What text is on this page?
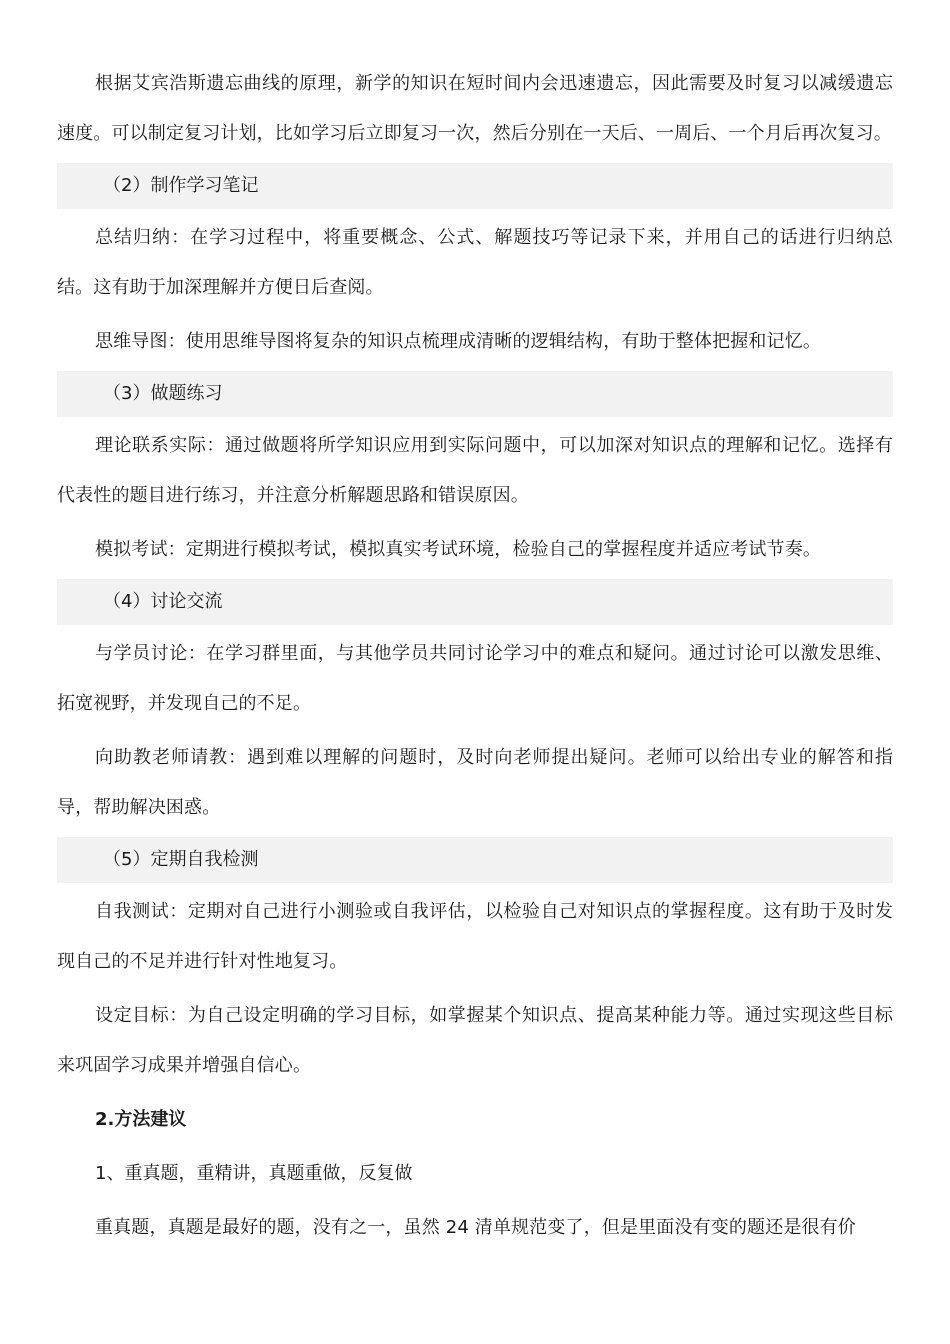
根据艾宾浩斯遗忘曲线的原理，新学的知识在短时间内会迅速遗忘，因此需要及时复习以减缓遗忘速度。可以制定复习计划，比如学习后立即复习一次，然后分别在一天后、一周后、一个月后再次复习。

（2）制作学习笔记

总结归纳：在学习过程中，将重要概念、公式、解题技巧等记录下来，并用自己的话进行归纳总结。这有助于加深理解并方便日后查阅。

思维导图：使用思维导图将复杂的知识点梳理成清晰的逻辑结构，有助于整体把握和记忆。

（3）做题练习

理论联系实际：通过做题将所学知识应用到实际问题中，可以加深对知识点的理解和记忆。选择有代表性的题目进行练习，并注意分析解题思路和错误原因。

模拟考试：定期进行模拟考试，模拟真实考试环境，检验自己的掌握程度并适应考试节奏。

（4）讨论交流

与学员讨论：在学习群里面，与其他学员共同讨论学习中的难点和疑问。通过讨论可以激发思维、拓宽视野，并发现自己的不足。

向助教老师请教：遇到难以理解的问题时，及时向老师提出疑问。老师可以给出专业的解答和指导，帮助解决困惑。

（5）定期自我检测

自我测试：定期对自己进行小测验或自我评估，以检验自己对知识点的掌握程度。这有助于及时发现自己的不足并进行针对性地复习。

设定目标：为自己设定明确的学习目标，如掌握某个知识点、提高某种能力等。通过实现这些目标来巩固学习成果并增强自信心。

2.方法建议

1、重真题，重精讲，真题重做，反复做

重真题，真题是最好的题，没有之一，虽然 24 清单规范变了，但是里面没有变的题还是很有价
